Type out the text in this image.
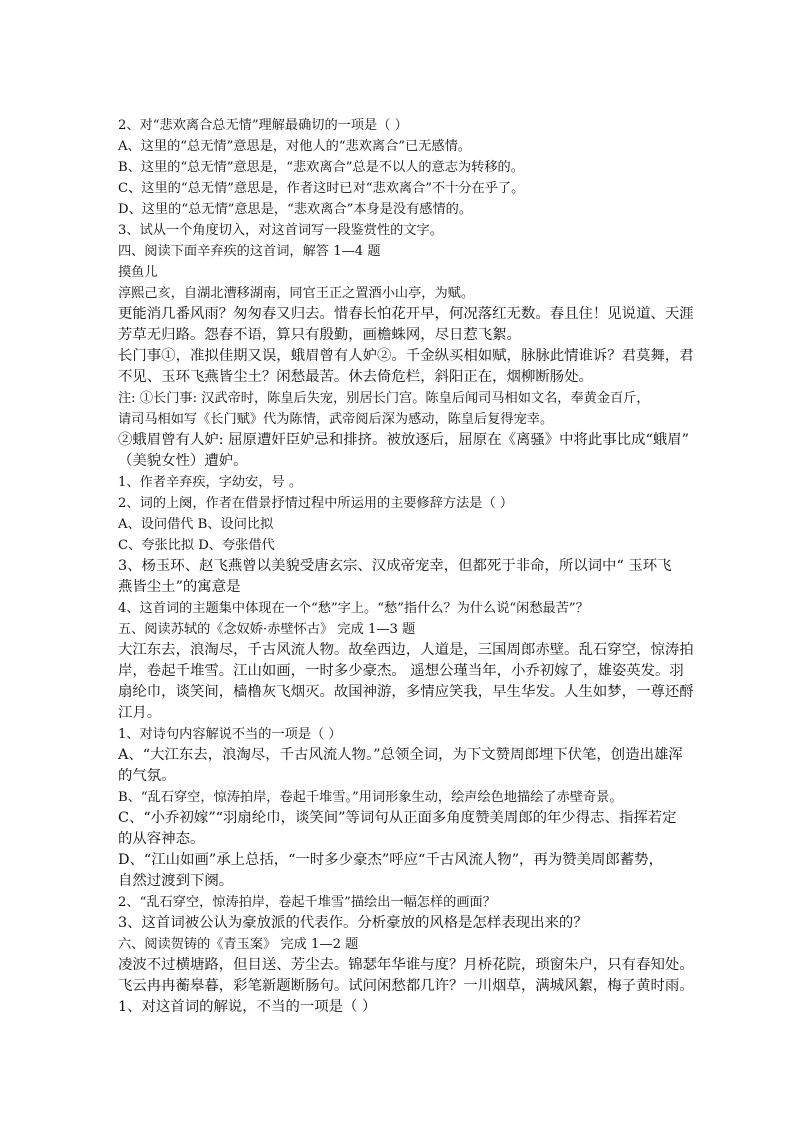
2、对“悲欢离合总无情”理解最确切的一项是（ ）
A、这里的“总无情”意思是，对他人的“悲欢离合”已无感情。
B、这里的“总无情”意思是，“悲欢离合”总是不以人的意志为转移的。
C、这里的“总无情”意思是，作者这时已对“悲欢离合”不十分在乎了。
D、这里的“总无情”意思是，“悲欢离合”本身是没有感情的。
3、试从一个角度切入，对这首词写一段鉴赏性的文字。
四、阅读下面辛弃疾的这首词，解答 1—4 题
摸鱼儿
淳熙己亥，自湖北漕移湖南，同官王正之置酒小山亭，为赋。
更能消几番风雨？匆匆春又归去。惜春长怕花开早，何况落红无数。春且住！见说道、天涯
芳草无归路。怨春不语，算只有殷勤，画檐蛛网，尽日惹飞絮。
长门事①，准拟佳期又误，蛾眉曾有人妒②。千金纵买相如赋，脉脉此情谁诉？君莫舞，君
不见、玉环飞燕皆尘土？闲愁最苦。休去倚危栏，斜阳正在，烟柳断肠处。
注: ①长门事: 汉武帝时，陈皇后失宠，别居长门宫。陈皇后闻司马相如文名，奉黄金百斤，
请司马相如写《长门赋》代为陈情，武帝阅后深为感动，陈皇后复得宠幸。
②蛾眉曾有人妒: 屈原遭奸臣妒忌和排挤。被放逐后，屈原在《离骚》中将此事比成“蛾眉”
（美貌女性）遭妒。
1、作者辛弃疾，字幼安，号 。
2、词的上阕，作者在借景抒情过程中所运用的主要修辞方法是（ ）
A、设问借代 B、设问比拟
C、夸张比拟 D、夸张借代
3、杨玉环、赵飞燕曾以美貌受唐玄宗、汉成帝宠幸，但都死于非命，所以词中“ 玉环飞
燕皆尘土”的寓意是
4、这首词的主题集中体现在一个“愁”字上。“愁”指什么？为什么说“闲愁最苦”？
五、阅读苏轼的《念奴娇·赤壁怀古》 完成 1—3 题
大江东去，浪淘尽，千古风流人物。故垒西边，人道是，三国周郎赤壁。乱石穿空，惊涛拍
岸，卷起千堆雪。江山如画，一时多少豪杰。 遥想公瑾当年，小乔初嫁了，雄姿英发。羽
扇纶巾，谈笑间，樯橹灰飞烟灭。故国神游，多情应笑我，早生华发。人生如梦，一尊还酹
江月。
1、对诗句内容解说不当的一项是（ ）
A、“大江东去，浪淘尽，千古风流人物。”总领全词，为下文赞周郎埋下伏笔，创造出雄浑
的气氛。
B、“乱石穿空，惊涛拍岸，卷起千堆雪。”用词形象生动，绘声绘色地描绘了赤壁奇景。
C、“小乔初嫁”“羽扇纶巾，谈笑间”等词句从正面多角度赞美周郎的年少得志、指挥若定
的从容神态。
D、“江山如画”承上总括，“一时多少豪杰”呼应“千古风流人物”，再为赞美周郎蓄势，
自然过渡到下阕。
2、“乱石穿空，惊涛拍岸，卷起千堆雪”描绘出一幅怎样的画面？
3、这首词被公认为豪放派的代表作。分析豪放的风格是怎样表现出来的？
六、阅读贺铸的《青玉案》 完成 1—2 题
凌波不过横塘路，但目送、芳尘去。锦瑟年华谁与度？月桥花院，琐窗朱户，只有春知处。
飞云冉冉蘅皋暮，彩笔新题断肠句。试问闲愁都几许？一川烟草，满城风絮，梅子黄时雨。
1、对这首词的解说，不当的一项是（ ）
